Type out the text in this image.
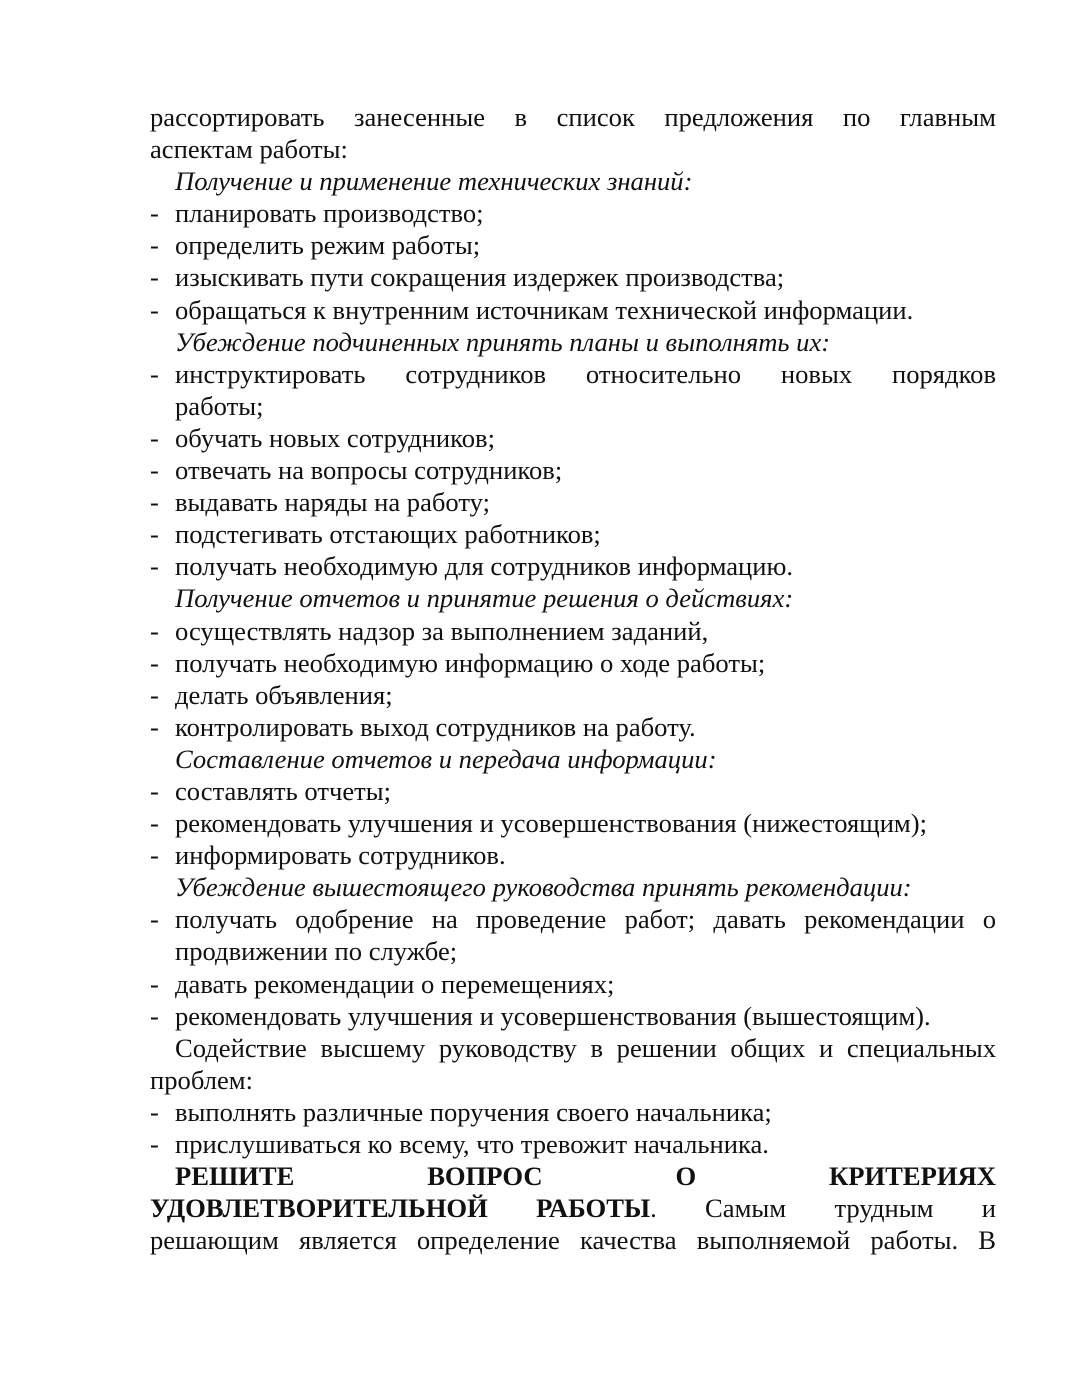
рассортировать занесенные в список предложения по главным
аспектам работы:
Получение и применение технических знаний:
- планировать производство;
- определить режим работы;
- изыскивать пути сокращения издержек производства;
- обращаться к внутренним источникам технической информации.
Убеждение подчиненных принять планы и выполнять их:
- инструктировать сотрудников относительно новых порядков
работы;
- обучать новых сотрудников;
- отвечать на вопросы сотрудников;
- выдавать наряды на работу;
- подстегивать отстающих работников;
- получать необходимую для сотрудников информацию.
Получение отчетов и принятие решения о действиях:
- осуществлять надзор за выполнением заданий,
- получать необходимую информацию о ходе работы;
- делать объявления;
- контролировать выход сотрудников на работу.
Составление отчетов и передача информации:
- составлять отчеты;
- рекомендовать улучшения и усовершенствования (нижестоящим);
- информировать сотрудников.
Убеждение вышестоящего руководства принять рекомендации:
- получать одобрение на проведение работ; давать рекомендации о
продвижении по службе;
- давать рекомендации о перемещениях;
- рекомендовать улучшения и усовершенствования (вышестоящим).
Содействие высшему руководству в решении общих и специальных
проблем:
- выполнять различные поручения своего начальника;
- прислушиваться ко всему, что тревожит начальника.
РЕШИТЕ ВОПРОС О КРИТЕРИЯХ
УДОВЛЕТВОРИТЕЛЬНОЙ РАБОТЫ. Самым трудным и
решающим является определение качества выполняемой работы. В
